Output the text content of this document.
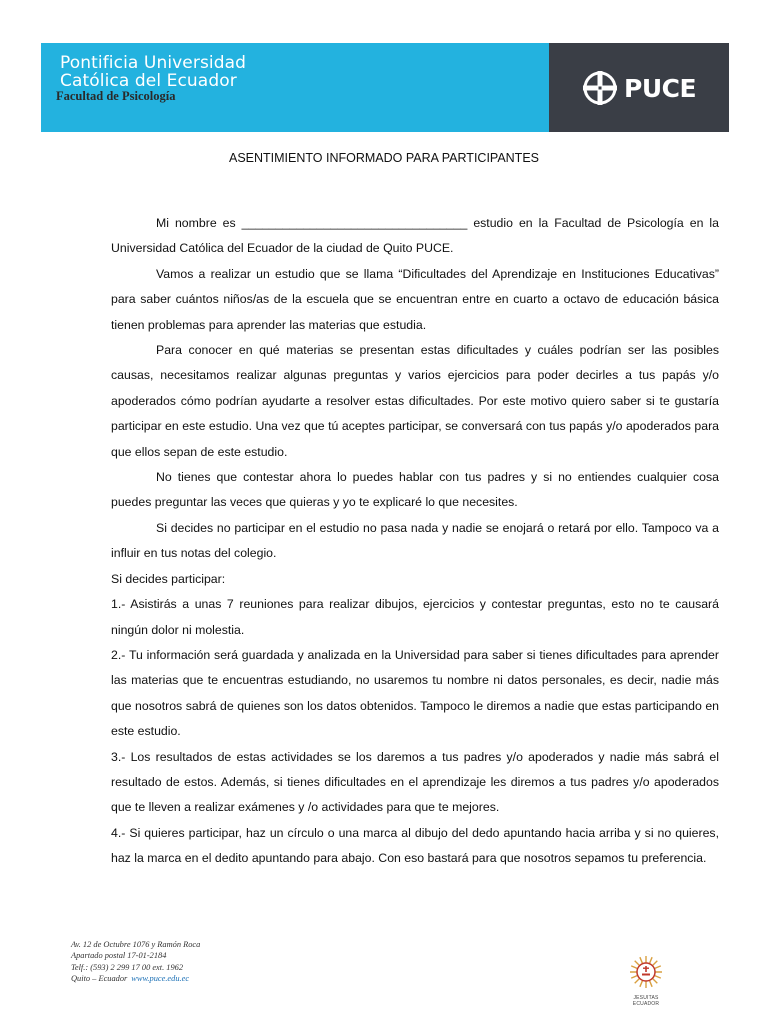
Pontificia Universidad
Católica del Ecuador
Facultad de Psicología	PUCE
ASENTIMIENTO INFORMADO PARA PARTICIPANTES

Mi nombre es _________________________________ estudio en la Facultad de Psicología en la Universidad Católica del Ecuador de la ciudad de Quito PUCE.

Vamos a realizar un estudio que se llama “Dificultades del Aprendizaje en Instituciones Educativas” para saber cuántos niños/as de la escuela que se encuentran entre en cuarto a octavo de educación básica tienen problemas para aprender las materias que estudia.

Para conocer en qué materias se presentan estas dificultades y cuáles podrían ser las posibles causas, necesitamos realizar algunas preguntas y varios ejercicios para poder decirles a tus papás y/o apoderados cómo podrían ayudarte a resolver estas dificultades. Por este motivo quiero saber si te gustaría participar en este estudio. Una vez que tú aceptes participar, se conversará con tus papás y/o apoderados para que ellos sepan de este estudio.

No tienes que contestar ahora lo puedes hablar con tus padres y si no entiendes cualquier cosa puedes preguntar las veces que quieras y yo te explicaré lo que necesites.

Si decides no participar en el estudio no pasa nada y nadie se enojará o retará por ello. Tampoco va a influir en tus notas del colegio.

Si decides participar:

1.- Asistirás a unas 7 reuniones para realizar dibujos, ejercicios y contestar preguntas, esto no te causará ningún dolor ni molestia.

2.- Tu información será guardada y analizada en la Universidad para saber si tienes dificultades para aprender las materias que te encuentras estudiando, no usaremos tu nombre ni datos personales, es decir, nadie más que nosotros sabrá de quienes son los datos obtenidos. Tampoco le diremos a nadie que estas participando en este estudio.

3.- Los resultados de estas actividades se los daremos a tus padres y/o apoderados y nadie más sabrá el resultado de estos. Además, si tienes dificultades en el aprendizaje les diremos a tus padres y/o apoderados que te lleven a realizar exámenes y /o actividades para que te mejores.

4.- Si quieres participar, haz un círculo o una marca al dibujo del dedo apuntando hacia arriba y si no quieres, haz la marca en el dedito apuntando para abajo. Con eso bastará para que nosotros sepamos tu preferencia.

Av. 12 de Octubre 1076 y Ramón Roca
Apartado postal 17-01-2184
Telf.: (593) 2 299 17 00 ext. 1962
Quito – Ecuador www.puce.edu.ec
JESUITAS ECUADOR
